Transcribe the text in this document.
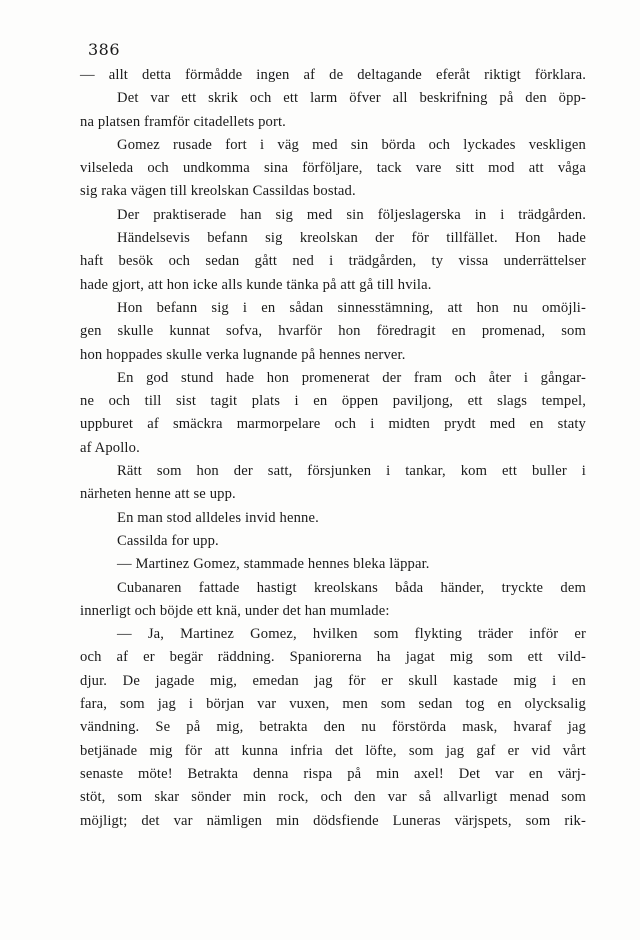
386
— allt detta förmådde ingen af de deltagande eferåt riktigt förklara.
Det var ett skrik och ett larm öfver all beskrifning på den öpp-
na platsen framför citadellets port.
Gomez rusade fort i väg med sin börda och lyckades veskligen
vilseleda och undkomma sina förföljare, tack vare sitt mod att våga
sig raka vägen till kreolskan Cassildas bostad.
Der praktiserade han sig med sin följeslagerska in i trädgården.
Händelsevis befann sig kreolskan der för tillfället. Hon hade
haft besök och sedan gått ned i trädgården, ty vissa underrättelser
hade gjort, att hon icke alls kunde tänka på att gå till hvila.
Hon befann sig i en sådan sinnesstämning, att hon nu omöjli-
gen skulle kunnat sofva, hvarför hon föredragit en promenad, som
hon hoppades skulle verka lugnande på hennes nerver.
En god stund hade hon promenerat der fram och åter i gångar-
ne och till sist tagit plats i en öppen paviljong, ett slags tempel,
uppburet af smäckra marmorpelare och i midten prydt med en staty
af Apollo.
Rätt som hon der satt, försjunken i tankar, kom ett buller i
närheten henne att se upp.
En man stod alldeles invid henne.
Cassilda for upp.
— Martinez Gomez, stammade hennes bleka läppar.
Cubanaren fattade hastigt kreolskans båda händer, tryckte dem
innerligt och böjde ett knä, under det han mumlade:
— Ja, Martinez Gomez, hvilken som flykting träder inför er
och af er begär räddning. Spaniorerna ha jagat mig som ett vild-
djur. De jagade mig, emedan jag för er skull kastade mig i en
fara, som jag i början var vuxen, men som sedan tog en olycksalig
vändning. Se på mig, betrakta den nu förstörda mask, hvaraf jag
betjänade mig för att kunna infria det löfte, som jag gaf er vid vårt
senaste möte! Betrakta denna rispa på min axel! Det var en värj-
stöt, som skar sönder min rock, och den var så allvarligt menad som
möjligt; det var nämligen min dödsfiende Luneras värjspets, som rik-
